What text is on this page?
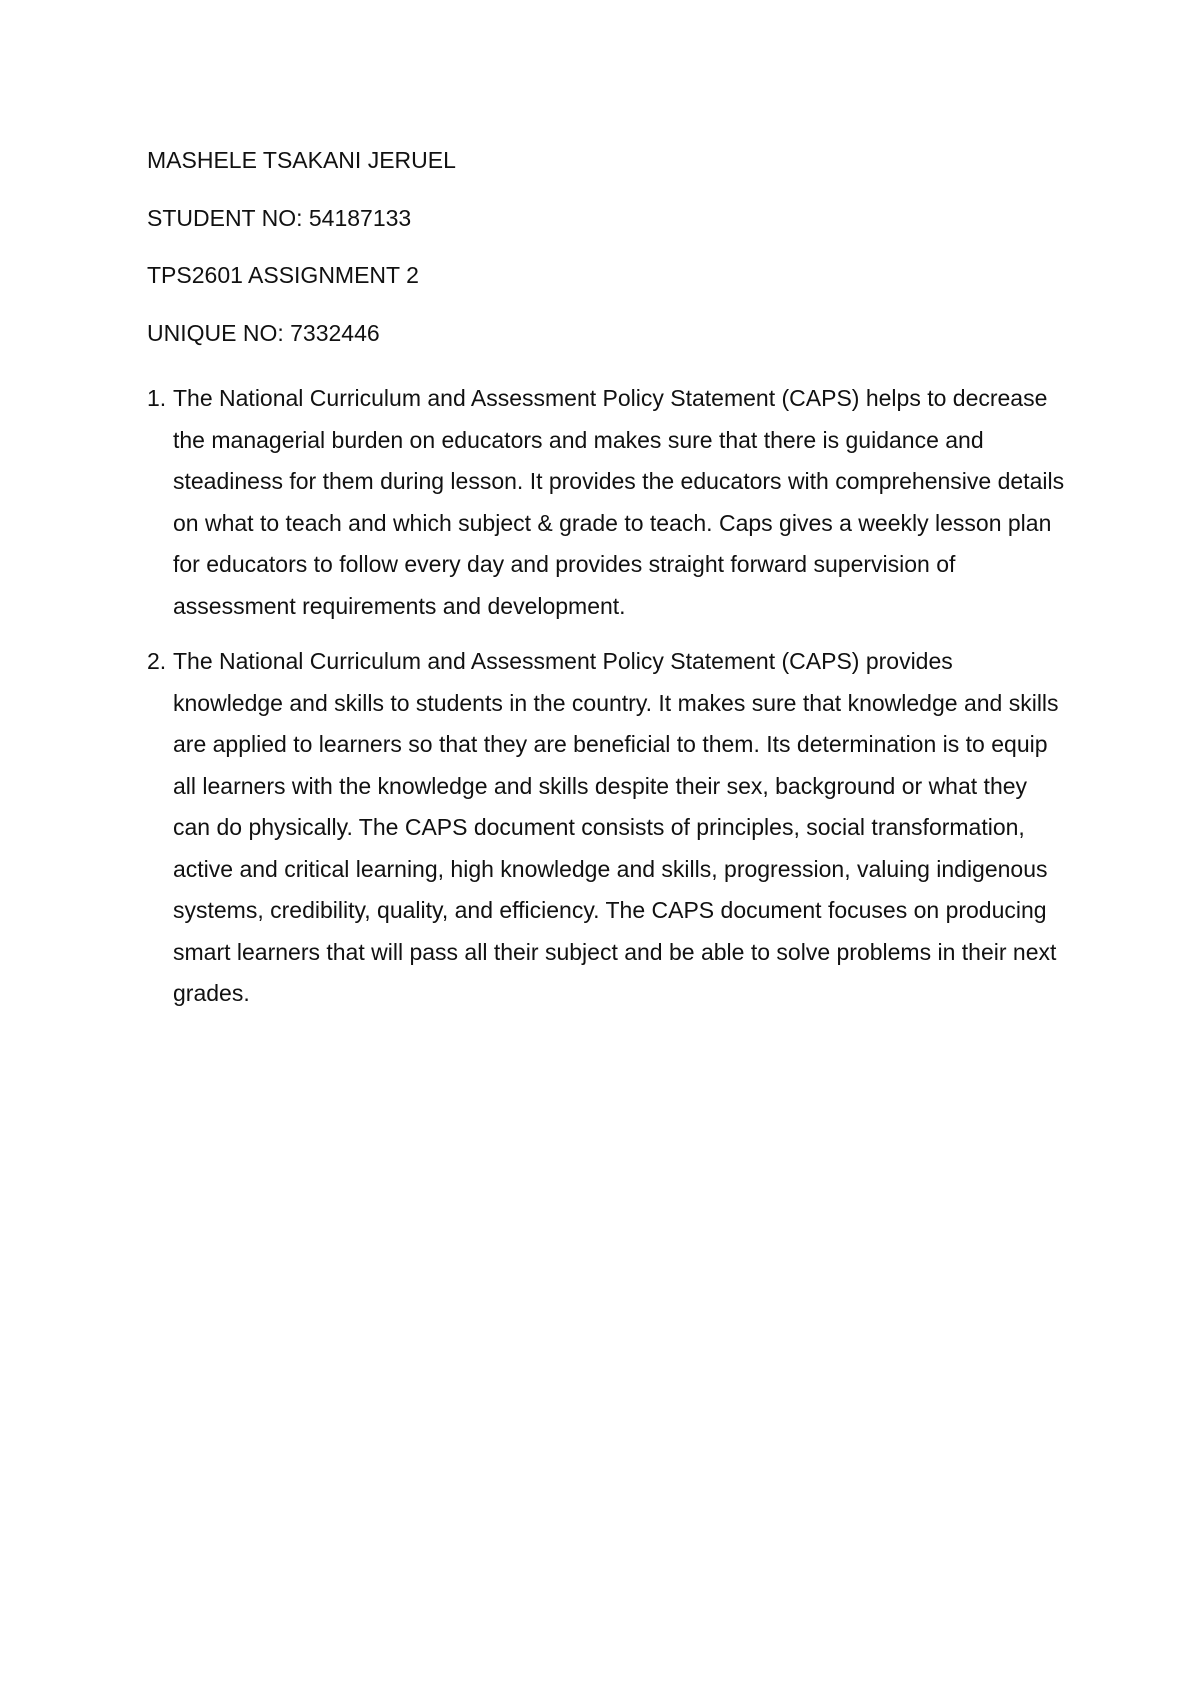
MASHELE TSAKANI JERUEL

STUDENT NO: 54187133

TPS2601 ASSIGNMENT 2

UNIQUE NO: 7332446

1. The National Curriculum and Assessment Policy Statement (CAPS) helps to decrease the managerial burden on educators and makes sure that there is guidance and steadiness for them during lesson. It provides the educators with comprehensive details on what to teach and which subject & grade to teach. Caps gives a weekly lesson plan for educators to follow every day and provides straight forward supervision of assessment requirements and development.
2. The National Curriculum and Assessment Policy Statement (CAPS) provides knowledge and skills to students in the country. It makes sure that knowledge and skills are applied to learners so that they are beneficial to them. Its determination is to equip all learners with the knowledge and skills despite their sex, background or what they can do physically. The CAPS document consists of principles, social transformation, active and critical learning, high knowledge and skills, progression, valuing indigenous systems, credibility, quality, and efficiency. The CAPS document focuses on producing smart learners that will pass all their subject and be able to solve problems in their next grades.
